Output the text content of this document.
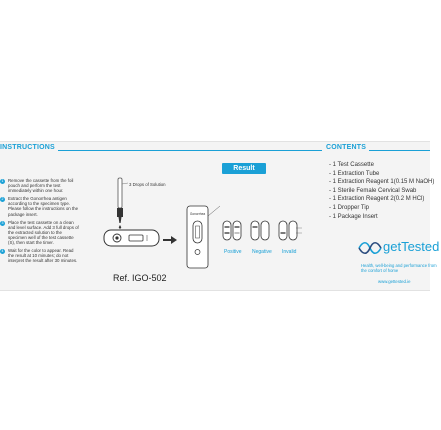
INSTRUCTIONS	CONTENTS
1	Remove the cassette from the foil pouch and perform the test immediately within one hour.
2	Extract the Gonorrhea antigen according to the specimen type. Please follow the instructions on the package insert.
3	Place the test cassette on a clean and level surface. Add 3 full drops of the extracted solution to the specimen well of the test cassette (S), then start the timer.
4	Wait for the color to appear. Read the result at 10 minutes; do not interpret the result after 30 minutes.
Gonorrhea
3 Drops of Solution
Ref. IGO-502
Result
Positive Negative Invalid
- 1 Test Cassette
- 1 Extraction Tube
- 1 Extraction Reagent 1(0.15 M NaOH)
- 1 Sterile Female Cervical Swab
- 1 Extraction Reagent 2(0.2 M HCl)
- 1 Dropper Tip
- 1 Package Insert
getTested
Health, well-being and performance from the comfort of home
www.gettested.ie
